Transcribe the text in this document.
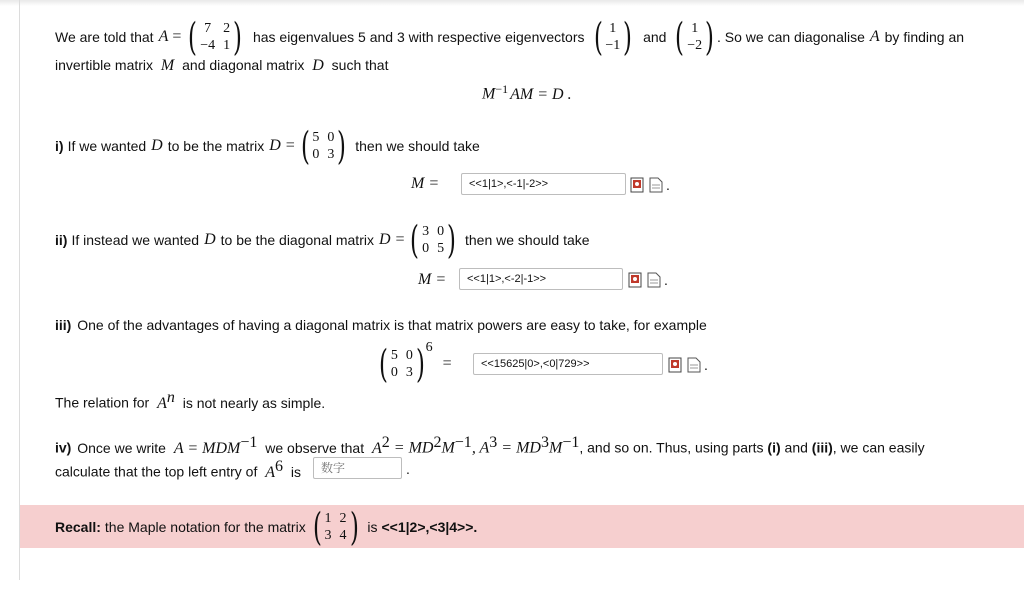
We are told that A = ( 7 2
−4 1 ) has eigenvalues 5 and 3 with respective eigenvectors ( 1
−1 ) and ( 1
−2 ) . So we can diagonalise A by finding an
invertible matrix M and diagonal matrix D such that
$M^{-1}$ AM = D .
i) If we wanted D to be the matrix D = ( 5 0
0 3 ) then we should take
M =	<<1|1>,<-1|-2>>	.
ii) If instead we wanted D to be the diagonal matrix D = ( 3 0
0 5 ) then we should take
M =	<<1|1>,<-2|-1>>	.
iii) One of the advantages of having a diagonal matrix is that matrix powers are easy to take, for example
( 5 0
0 3 ) 6
=	<<15625|0>,<0|729>>	.
The relation for $A^n$ is not nearly as simple.
iv) Once we write $A = MDM^{-1}$ we observe that $A^2 = MD^2M^{-1}$, $A^3 = MD^3M^{-1}$, and so on. Thus, using parts (i) and (iii), we can easily
calculate that the top left entry of $A^6$ is
数字	.
Recall: the Maple notation for the matrix ( 1 2
3 4 ) is <<1|2>,<3|4>>.
